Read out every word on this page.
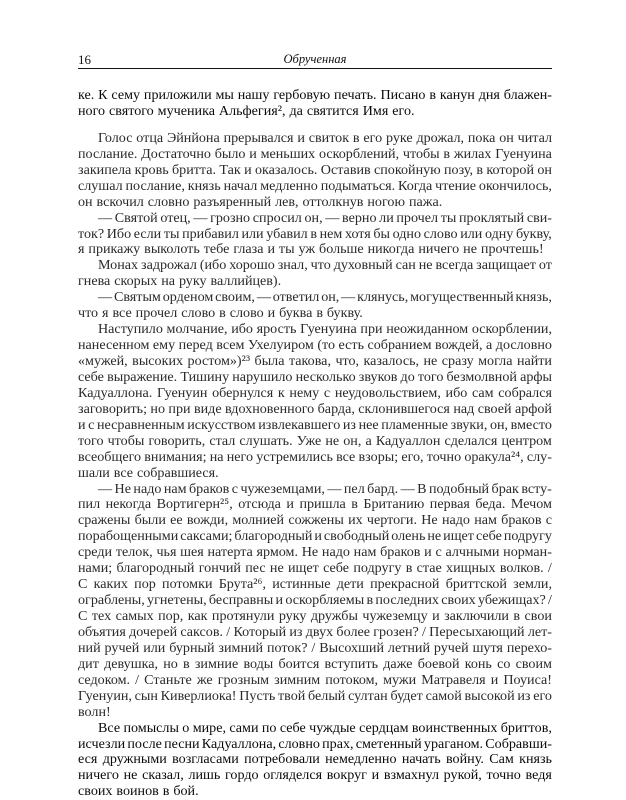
16	Обрученная
ке. К сему приложили мы нашу гербовую печать. Писано в канун дня блажен-
ного святого мученика Альфегия², да святится Имя его.
Голос отца Эйнйона прерывался и свиток в его руке дрожал, пока он читал
послание. Достаточно было и меньших оскорблений, чтобы в жилах Гуенуина
закипела кровь бритта. Так и оказалось. Оставив спокойную позу, в которой он
слушал послание, князь начал медленно подыматься. Когда чтение окончилось,
он вскочил словно разъяренный лев, оттолкнув ногою пажа.
— Святой отец, — грозно спросил он, — верно ли прочел ты проклятый сви-
ток? Ибо если ты прибавил или убавил в нем хотя бы одно слово или одну букву,
я прикажу выколоть тебе глаза и ты уж больше никогда ничего не прочтешь!
Монах задрожал (ибо хорошо знал, что духовный сан не всегда защищает от
гнева скорых на руку валлийцев).
— Святым орденом своим, — ответил он, — клянусь, могущественный князь,
что я все прочел слово в слово и буква в букву.
Наступило молчание, ибо ярость Гуенуина при неожиданном оскорблении,
нанесенном ему перед всем Ухелуиром (то есть собранием вождей, а дословно
«мужей, высоких ростом»)²³ была такова, что, казалось, не сразу могла найти
себе выражение. Тишину нарушило несколько звуков до того безмолвной арфы
Кадуаллона. Гуенуин обернулся к нему с неудовольствием, ибо сам собрался
заговорить; но при виде вдохновенного барда, склонившегося над своей арфой
и с несравненным искусством извлекавшего из нее пламенные звуки, он, вместо
того чтобы говорить, стал слушать. Уже не он, а Кадуаллон сделался центром
всеобщего внимания; на него устремились все взоры; его, точно оракула²⁴, слу-
шали все собравшиеся.
— Не надо нам браков с чужеземцами, — пел бард. — В подобный брак всту-
пил некогда Вортигерн²⁵, отсюда и пришла в Британию первая беда. Мечом
сражены были ее вожди, молнией сожжены их чертоги. Не надо нам браков с
порабощенными саксами; благородный и свободный олень не ищет себе подругу
среди телок, чья шея натерта ярмом. Не надо нам браков и с алчными норман-
нами; благородный гончий пес не ищет себе подругу в стае хищных волков. /
С каких пор потомки Брута²⁶, истинные дети прекрасной бриттской земли,
ограблены, угнетены, бесправны и оскорбляемы в последних своих убежищах? /
С тех самых пор, как протянули руку дружбы чужеземцу и заключили в свои
объятия дочерей саксов. / Который из двух более грозен? / Пересыхающий лет-
ний ручей или бурный зимний поток? / Высохший летний ручей шутя перехо-
дит девушка, но в зимние воды боится вступить даже боевой конь со своим
седоком. / Станьте же грозным зимним потоком, мужи Матравеля и Поуиса!
Гуенуин, сын Киверлиока! Пусть твой белый султан будет самой высокой из его
волн!
Все помыслы о мире, сами по себе чуждые сердцам воинственных бриттов,
исчезли после песни Кадуаллона, словно прах, сметенный ураганом. Собравши-
еся дружными возгласами потребовали немедленно начать войну. Сам князь
ничего не сказал, лишь гордо огляделся вокруг и взмахнул рукой, точно ведя
своих воинов в бой.
